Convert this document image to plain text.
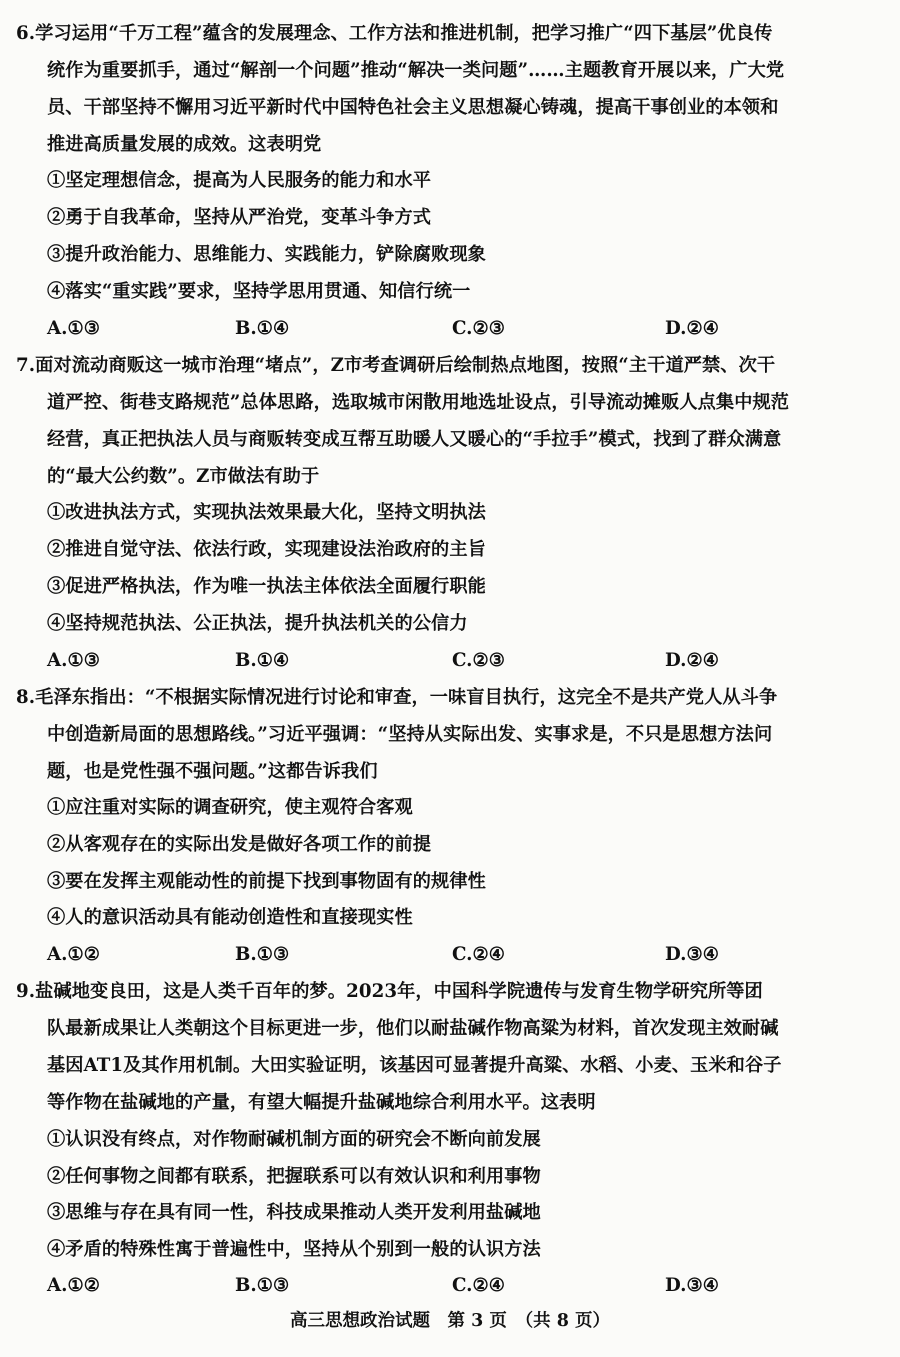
6.学习运用“千万工程”蕴含的发展理念、工作方法和推进机制，把学习推广“四下基层”优良传
统作为重要抓手，通过“解剖一个问题”推动“解决一类问题”……主题教育开展以来，广大党
员、干部坚持不懈用习近平新时代中国特色社会主义思想凝心铸魂，提高干事创业的本领和
推进高质量发展的成效。这表明党
①坚定理想信念，提高为人民服务的能力和水平
②勇于自我革命，坚持从严治党，变革斗争方式
③提升政治能力、思维能力、实践能力，铲除腐败现象
④落实“重实践”要求，坚持学思用贯通、知信行统一
A.①③	B.①④	C.②③	D.②④
7.面对流动商贩这一城市治理“堵点”，Z市考查调研后绘制热点地图，按照“主干道严禁、次干
道严控、街巷支路规范”总体思路，选取城市闲散用地选址设点，引导流动摊贩人点集中规范
经营，真正把执法人员与商贩转变成互帮互助暖人又暖心的“手拉手”模式，找到了群众满意
的“最大公约数”。Z市做法有助于
①改进执法方式，实现执法效果最大化，坚持文明执法
②推进自觉守法、依法行政，实现建设法治政府的主旨
③促进严格执法，作为唯一执法主体依法全面履行职能
④坚持规范执法、公正执法，提升执法机关的公信力
A.①③	B.①④	C.②③	D.②④
8.毛泽东指出：“不根据实际情况进行讨论和审查，一味盲目执行，这完全不是共产党人从斗争
中创造新局面的思想路线。”习近平强调：“坚持从实际出发、实事求是，不只是思想方法问
题，也是党性强不强问题。”这都告诉我们
①应注重对实际的调查研究，使主观符合客观
②从客观存在的实际出发是做好各项工作的前提
③要在发挥主观能动性的前提下找到事物固有的规律性
④人的意识活动具有能动创造性和直接现实性
A.①②	B.①③	C.②④	D.③④
9.盐碱地变良田，这是人类千百年的梦。2023年，中国科学院遗传与发育生物学研究所等团
队最新成果让人类朝这个目标更进一步，他们以耐盐碱作物高粱为材料，首次发现主效耐碱
基因AT1及其作用机制。大田实验证明，该基因可显著提升高粱、水稻、小麦、玉米和谷子
等作物在盐碱地的产量，有望大幅提升盐碱地综合利用水平。这表明
①认识没有终点，对作物耐碱机制方面的研究会不断向前发展
②任何事物之间都有联系，把握联系可以有效认识和利用事物
③思维与存在具有同一性，科技成果推动人类开发利用盐碱地
④矛盾的特殊性寓于普遍性中，坚持从个别到一般的认识方法
A.①②	B.①③	C.②④	D.③④
高三思想政治试题　第 3 页　（共 8 页）
